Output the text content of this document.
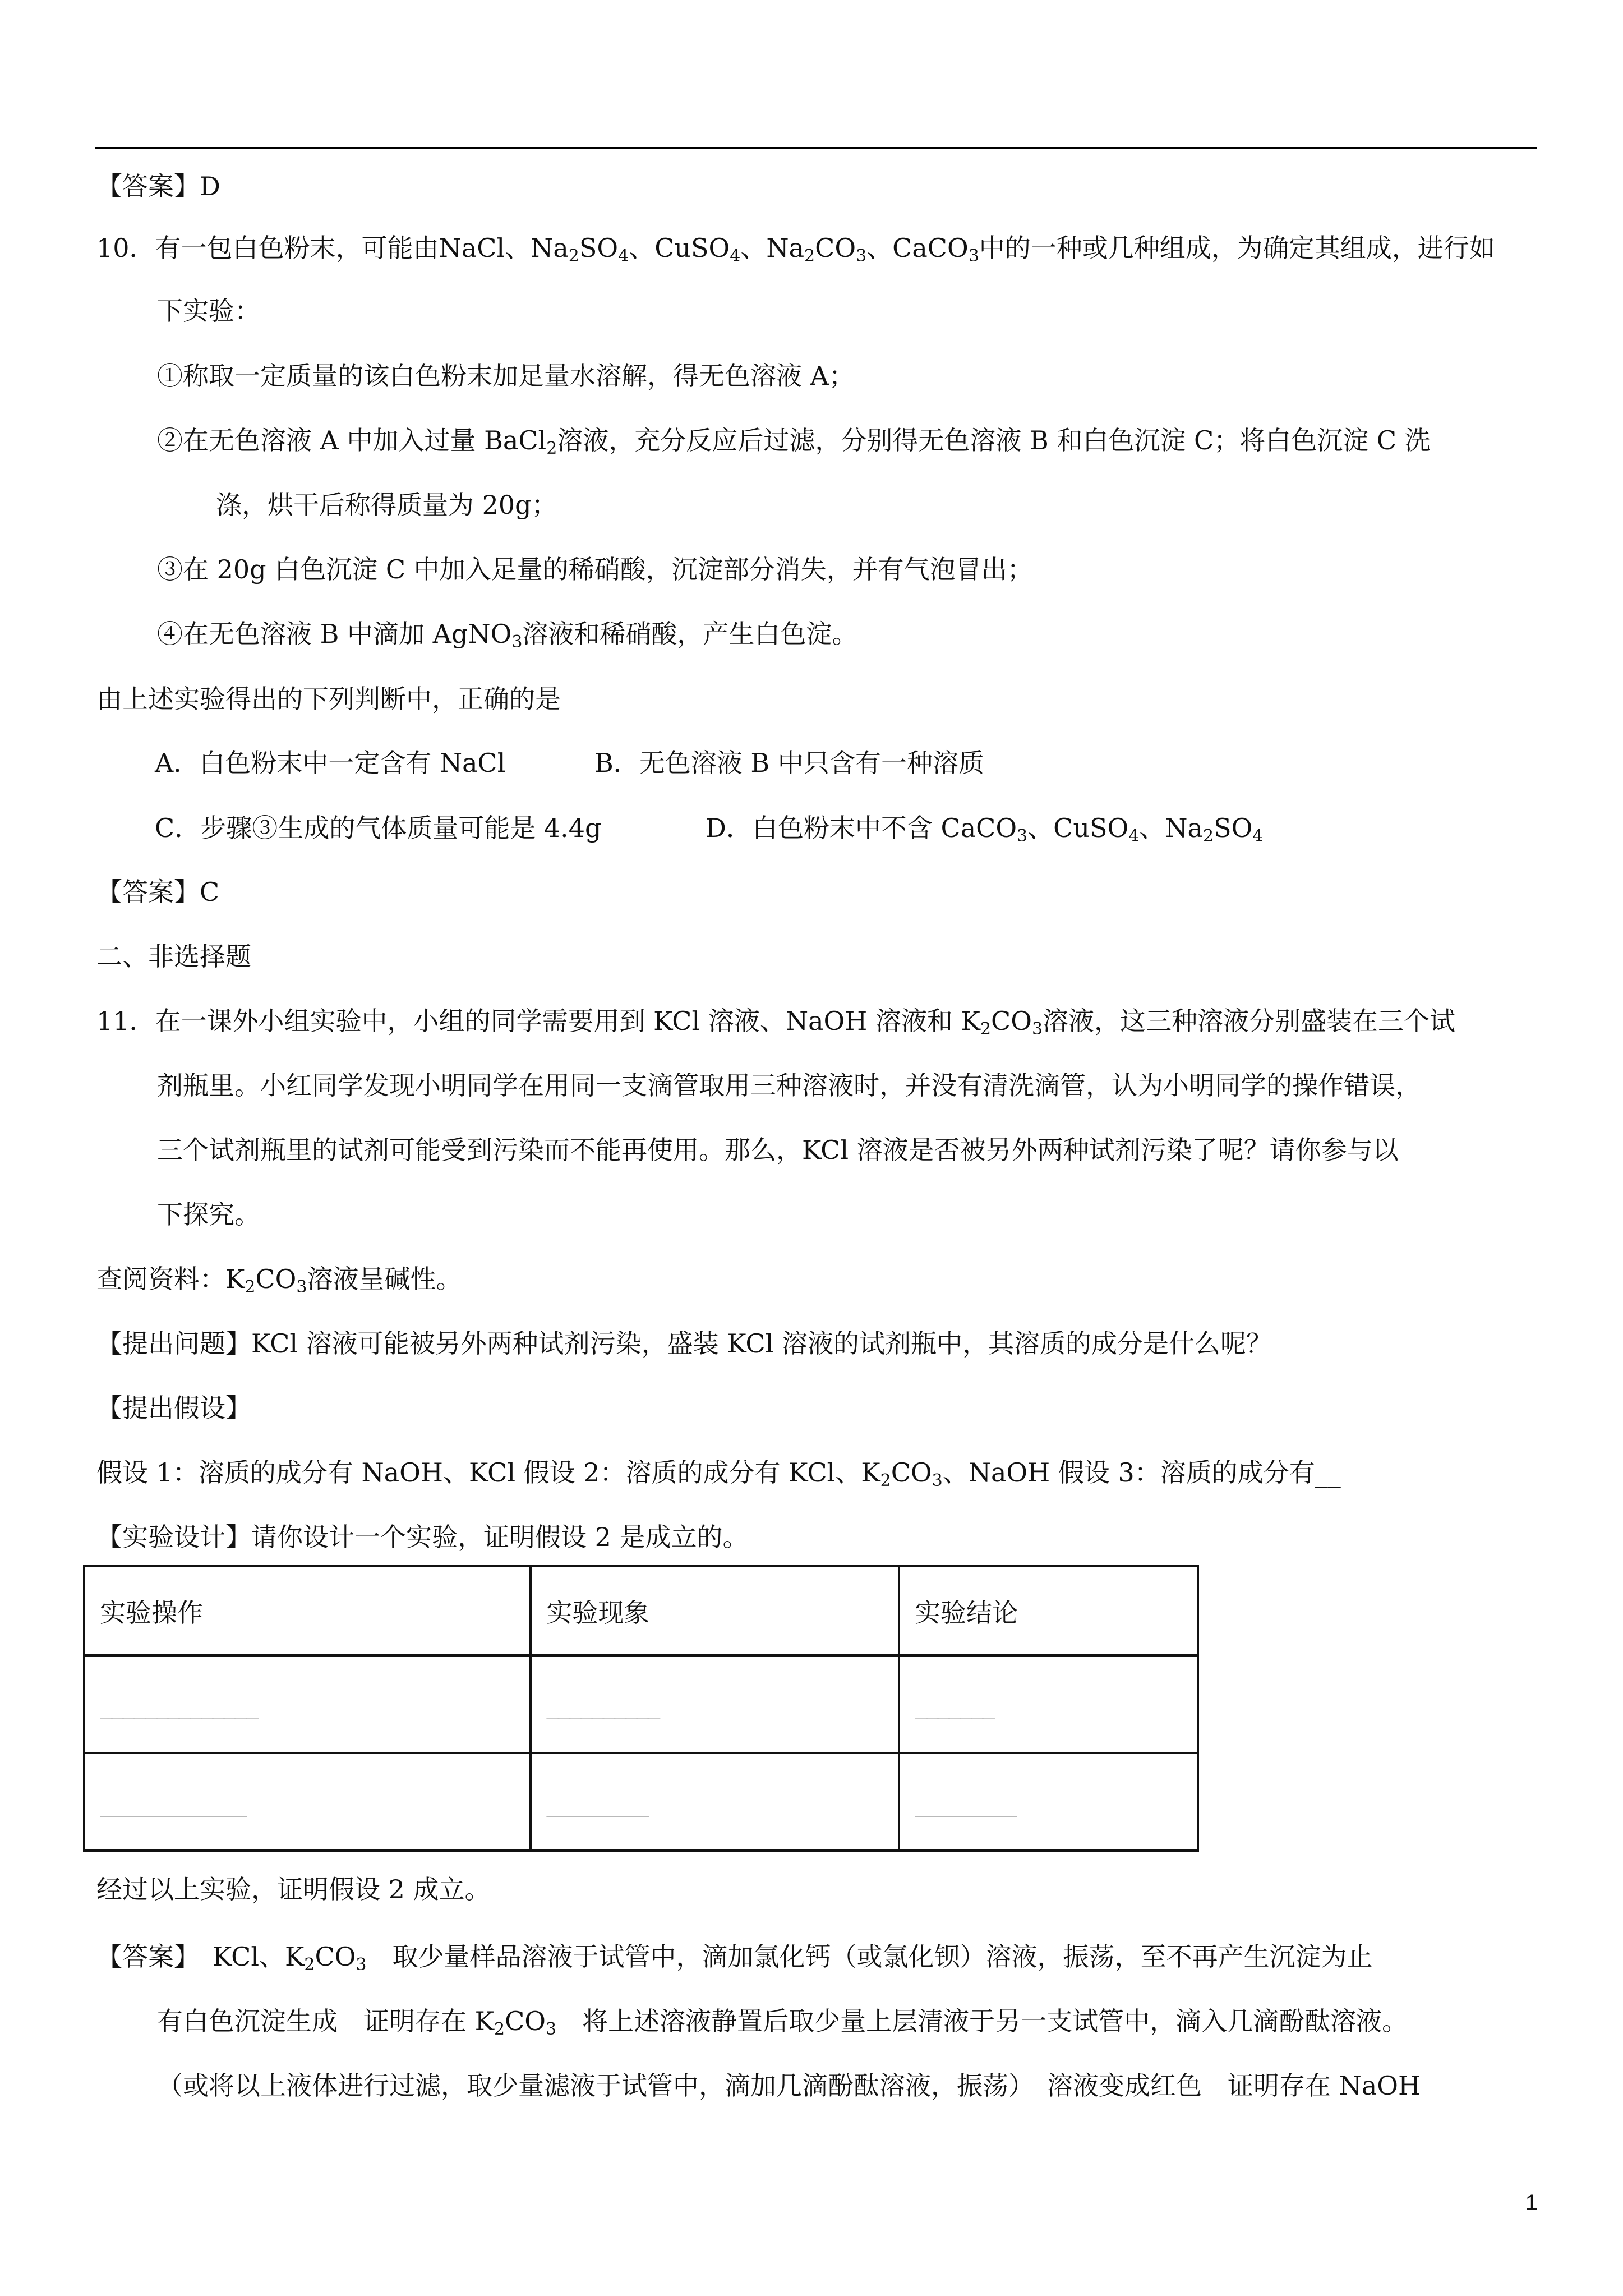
【答案】D
10．有一包白色粉末，可能由NaCl、$Na_2SO_4$、CuSO$_4$、$Na_2CO_3$、CaCO$_3$中的一种或几种组成，为确定其组成，进行如
下实验：
①称取一定质量的该白色粉末加足量水溶解，得无色溶液 A；
②在无色溶液 A 中加入过量 BaCl$_2$溶液，充分反应后过滤，分别得无色溶液 B 和白色沉淀 C；将白色沉淀 C 洗
涤，烘干后称得质量为 20g；
③在 20g 白色沉淀 C 中加入足量的稀硝酸，沉淀部分消失，并有气泡冒出；
④在无色溶液 B 中滴加 AgNO$_3$溶液和稀硝酸，产生白色淀。
由上述实验得出的下列判断中，正确的是
A．白色粉末中一定含有 NaCl	B．无色溶液 B 中只含有一种溶质
C．步骤③生成的气体质量可能是 4.4g	D．白色粉末中不含 CaCO$_3$、CuSO$_4$、$Na_2SO_4$
【答案】C
二、非选择题
11．在一课外小组实验中，小组的同学需要用到 KCl 溶液、NaOH 溶液和 $K_2CO_3$溶液，这三种溶液分别盛装在三个试
剂瓶里。小红同学发现小明同学在用同一支滴管取用三种溶液时，并没有清洗滴管，认为小明同学的操作错误，
三个试剂瓶里的试剂可能受到污染而不能再使用。那么，KCl 溶液是否被另外两种试剂污染了呢？请你参与以
下探究。
查阅资料：$K_2CO_3$溶液呈碱性。
【提出问题】KCl 溶液可能被另外两种试剂污染，盛装 KCl 溶液的试剂瓶中，其溶质的成分是什么呢？
【提出假设】
假设 1：溶质的成分有 NaOH、KCl 假设 2：溶质的成分有 KCl、$K_2CO_3$、NaOH 假设 3：溶质的成分有__
【实验设计】请你设计一个实验，证明假设 2 是成立的。
实验操作	实验现象	实验结论
______________	__________	_______
_____________	_________	_________
经过以上实验，证明假设 2 成立。
【答案】　KCl、$K_2CO_3$　取少量样品溶液于试管中，滴加氯化钙（或氯化钡）溶液，振荡，至不再产生沉淀为止
有白色沉淀生成　证明存在 $K_2CO_3$　将上述溶液静置后取少量上层清液于另一支试管中，滴入几滴酚酞溶液。
（或将以上液体进行过滤，取少量滤液于试管中，滴加几滴酚酞溶液，振荡）　溶液变成红色　证明存在 NaOH
1
